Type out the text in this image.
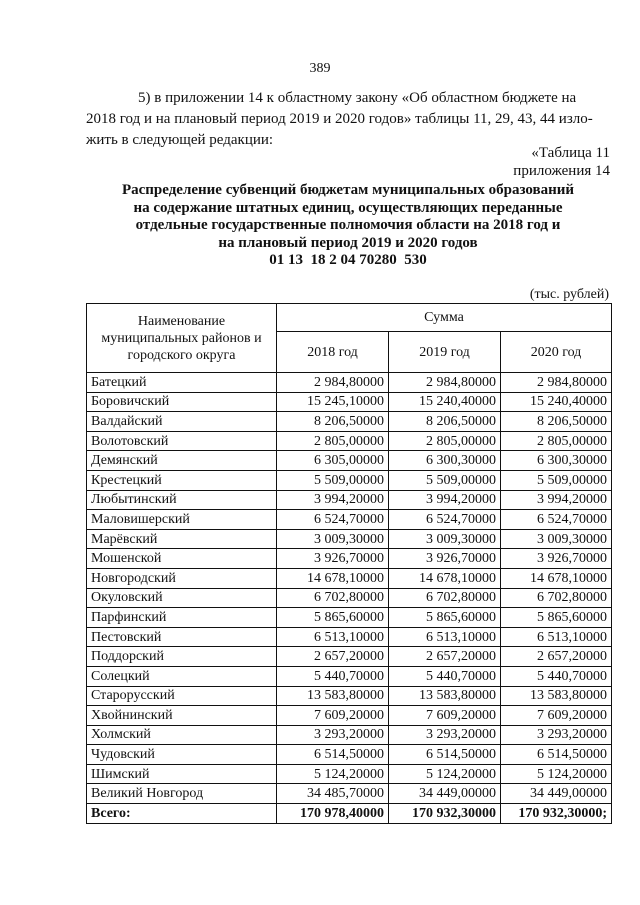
389
5) в приложении 14 к областному закону «Об областном бюджете на
2018 год и на плановый период 2019 и 2020 годов» таблицы 11, 29, 43, 44 изло-
жить в следующей редакции:
«Таблица 11
приложения 14
Распределение субвенций бюджетам муниципальных образований
на содержание штатных единиц, осуществляющих переданные
отдельные государственные полномочия области на 2018 год и
на плановый период 2019 и 2020 годов
01 13  18 2 04 70280  530
(тыс. рублей)
Наименование муниципальных районов и городского округа	Сумма		
	2018 год	2019 год	2020 год
Батецкий	2 984,80000	2 984,80000	2 984,80000
Боровичский	15 245,10000	15 240,40000	15 240,40000
Валдайский	8 206,50000	8 206,50000	8 206,50000
Волотовский	2 805,00000	2 805,00000	2 805,00000
Демянский	6 305,00000	6 300,30000	6 300,30000
Крестецкий	5 509,00000	5 509,00000	5 509,00000
Любытинский	3 994,20000	3 994,20000	3 994,20000
Маловишерский	6 524,70000	6 524,70000	6 524,70000
Марёвский	3 009,30000	3 009,30000	3 009,30000
Мошенской	3 926,70000	3 926,70000	3 926,70000
Новгородский	14 678,10000	14 678,10000	14 678,10000
Окуловский	6 702,80000	6 702,80000	6 702,80000
Парфинский	5 865,60000	5 865,60000	5 865,60000
Пестовский	6 513,10000	6 513,10000	6 513,10000
Поддорский	2 657,20000	2 657,20000	2 657,20000
Солецкий	5 440,70000	5 440,70000	5 440,70000
Старорусский	13 583,80000	13 583,80000	13 583,80000
Хвойнинский	7 609,20000	7 609,20000	7 609,20000
Холмский	3 293,20000	3 293,20000	3 293,20000
Чудовский	6 514,50000	6 514,50000	6 514,50000
Шимский	5 124,20000	5 124,20000	5 124,20000
Великий Новгород	34 485,70000	34 449,00000	34 449,00000
Всего:	170 978,40000	170 932,30000	170 932,30000;
